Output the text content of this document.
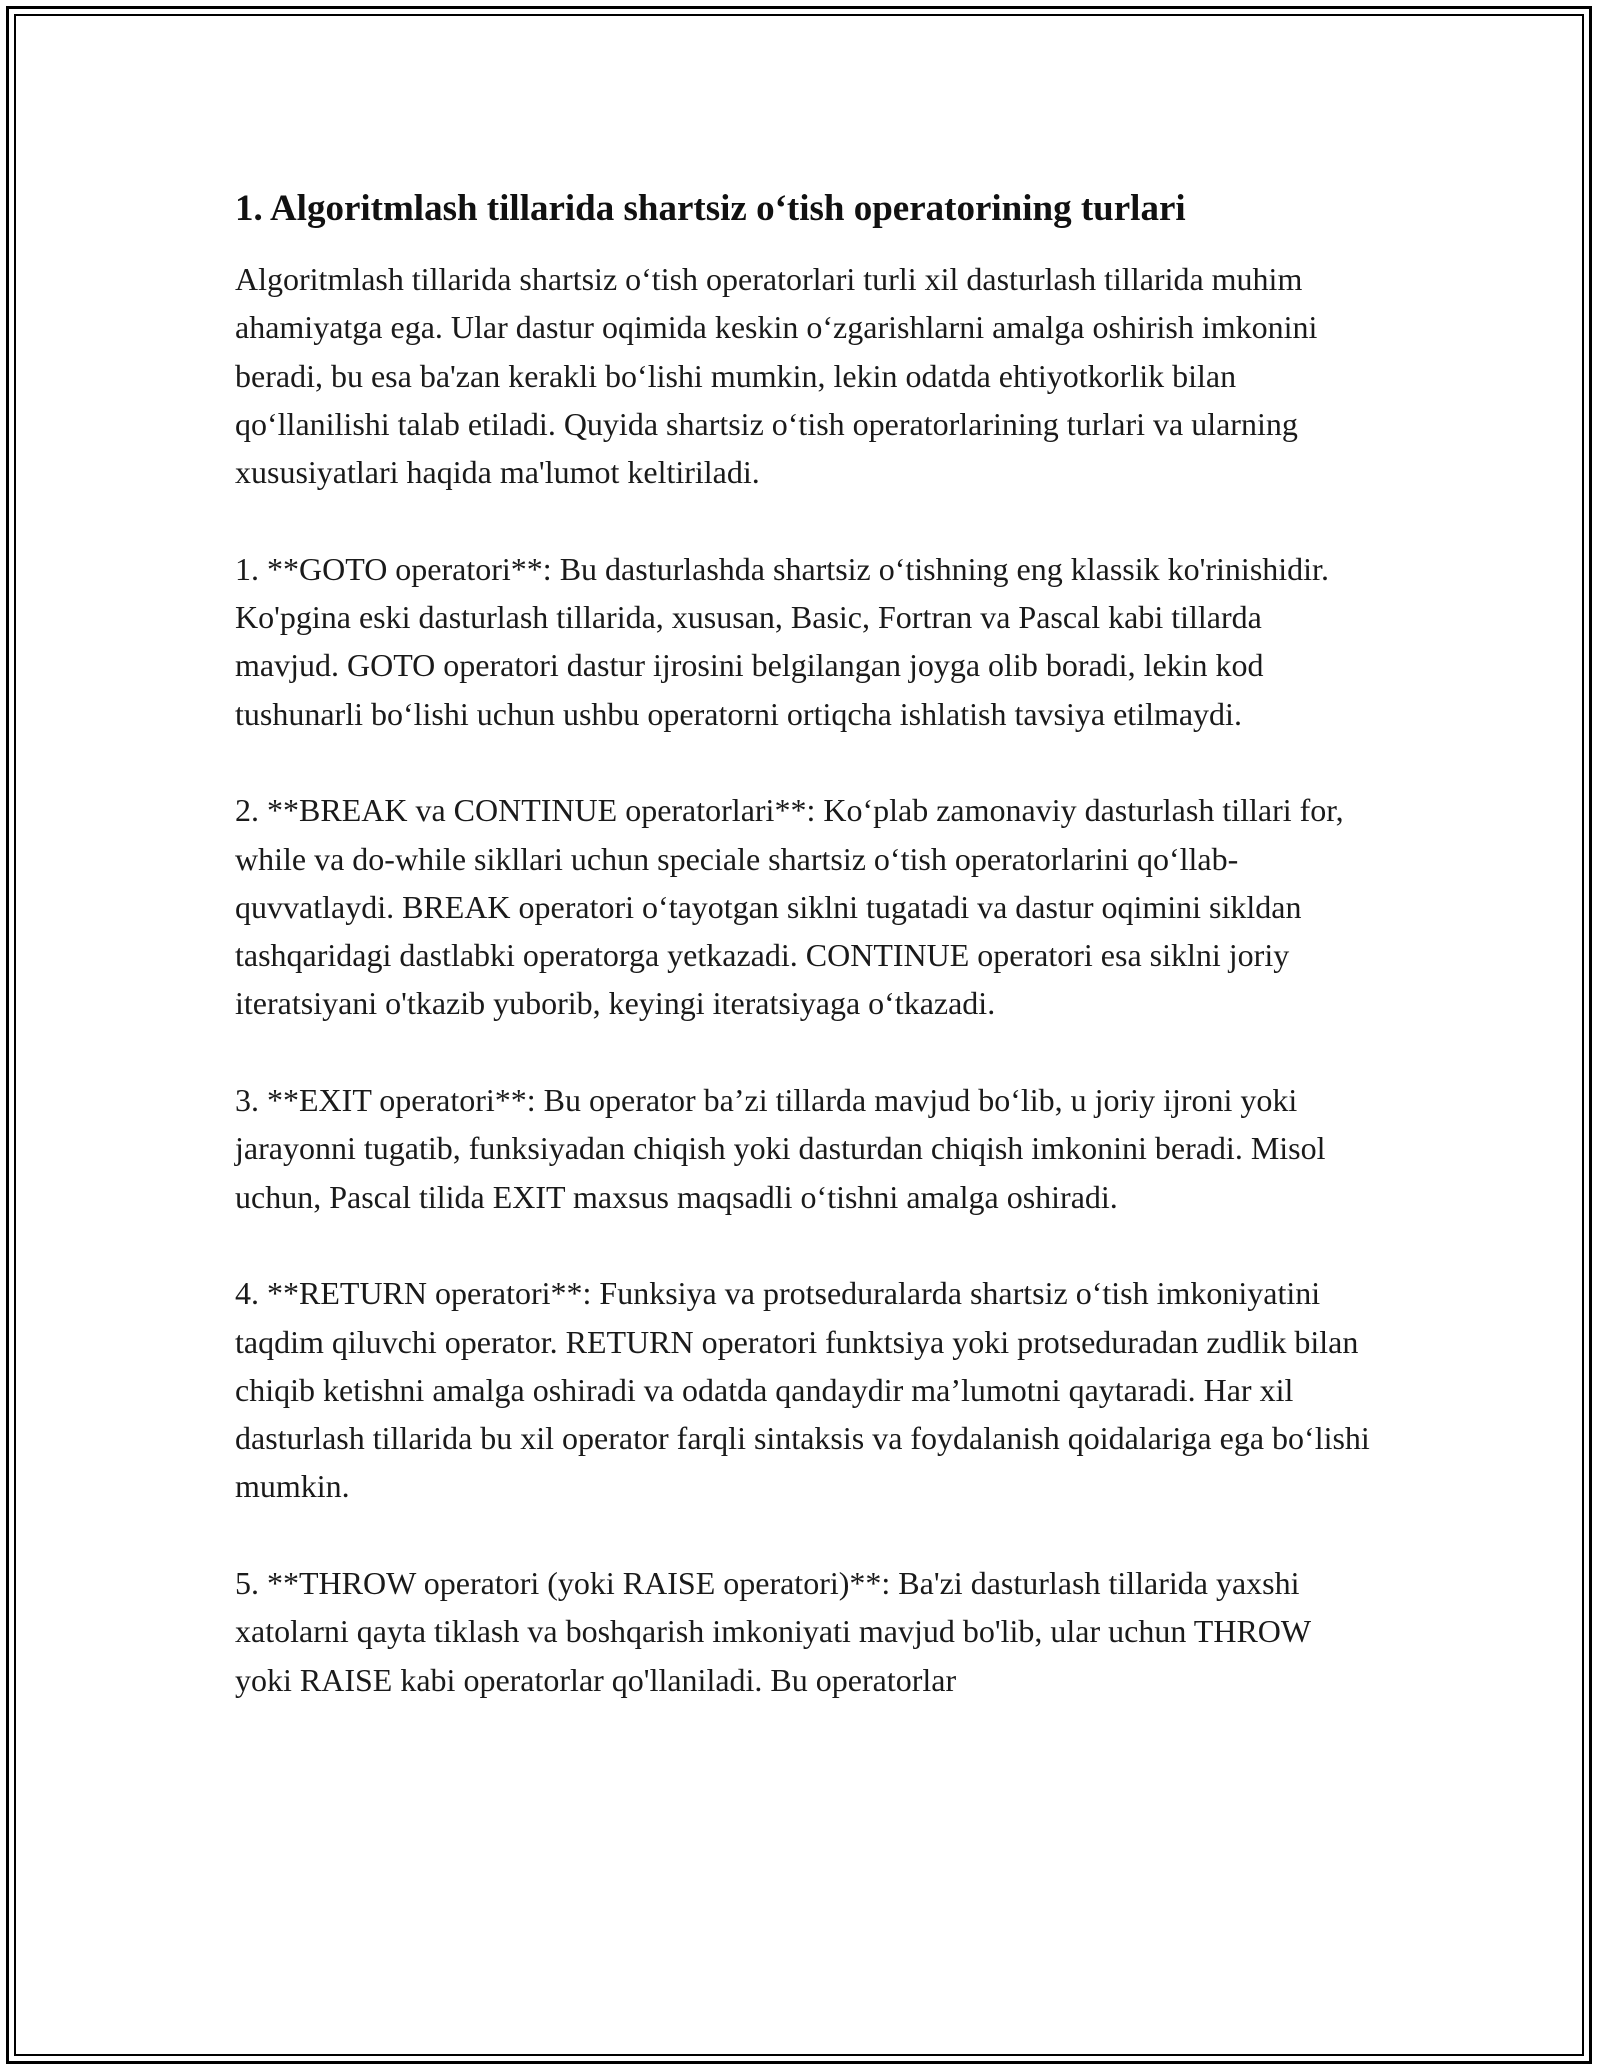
1. Algoritmlash tillarida shartsiz o‘tish operatorining turlari

Algoritmlash tillarida shartsiz o‘tish operatorlari turli xil dasturlash tillarida muhim ahamiyatga ega. Ular dastur oqimida keskin o‘zgarishlarni amalga oshirish imkonini beradi, bu esa ba'zan kerakli bo‘lishi mumkin, lekin odatda ehtiyotkorlik bilan qo‘llanilishi talab etiladi. Quyida shartsiz o‘tish operatorlarining turlari va ularning xususiyatlari haqida ma'lumot keltiriladi.

1. **GOTO operatori**: Bu dasturlashda shartsiz o‘tishning eng klassik ko'rinishidir. Ko'pgina eski dasturlash tillarida, xususan, Basic, Fortran va Pascal kabi tillarda mavjud. GOTO operatori dastur ijrosini belgilangan joyga olib boradi, lekin kod tushunarli bo‘lishi uchun ushbu operatorni ortiqcha ishlatish tavsiya etilmaydi.

2. **BREAK va CONTINUE operatorlari**: Ko‘plab zamonaviy dasturlash tillari for, while va do-while sikllari uchun speciale shartsiz o‘tish operatorlarini qo‘llab-quvvatlaydi. BREAK operatori o‘tayotgan siklni tugatadi va dastur oqimini sikldan tashqaridagi dastlabki operatorga yetkazadi. CONTINUE operatori esa siklni joriy iteratsiyani o'tkazib yuborib, keyingi iteratsiyaga o‘tkazadi.

3. **EXIT operatori**: Bu operator ba’zi tillarda mavjud bo‘lib, u joriy ijroni yoki jarayonni tugatib, funksiyadan chiqish yoki dasturdan chiqish imkonini beradi. Misol uchun, Pascal tilida EXIT maxsus maqsadli o‘tishni amalga oshiradi.

4. **RETURN operatori**: Funksiya va protseduralarda shartsiz o‘tish imkoniyatini taqdim qiluvchi operator. RETURN operatori funktsiya yoki protseduradan zudlik bilan chiqib ketishni amalga oshiradi va odatda qandaydir ma’lumotni qaytaradi. Har xil dasturlash tillarida bu xil operator farqli sintaksis va foydalanish qoidalariga ega bo‘lishi mumkin.

5. **THROW operatori (yoki RAISE operatori)**: Ba'zi dasturlash tillarida yaxshi xatolarni qayta tiklash va boshqarish imkoniyati mavjud bo'lib, ular uchun THROW yoki RAISE kabi operatorlar qo'llaniladi. Bu operatorlar
